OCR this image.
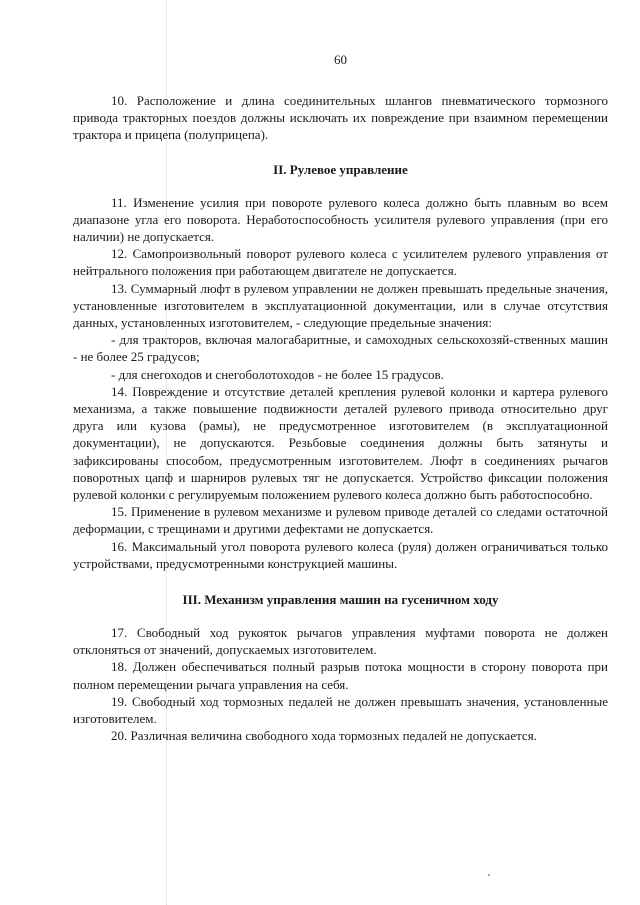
60

10. Расположение и длина соединительных шлангов пневматического тормозного привода тракторных поездов должны исключать их повреждение при взаимном перемещении трактора и прицепа (полуприцепа).

II. Рулевое управление

11. Изменение усилия при повороте рулевого колеса должно быть плавным во всем диапазоне угла его поворота. Неработоспособность усилителя рулевого управления (при его наличии) не допускается.

12. Самопроизвольный поворот рулевого колеса с усилителем рулевого управления от нейтрального положения при работающем двигателе не допускается.

13. Суммарный люфт в рулевом управлении не должен превышать предельные значения, установленные изготовителем в эксплуатационной документации, или в случае отсутствия данных, установленных изготовителем, - следующие предельные значения:

- для тракторов, включая малогабаритные, и самоходных сельскохозяй-ственных машин - не более 25 градусов;

- для снегоходов и снегоболотоходов - не более 15 градусов.

14. Повреждение и отсутствие деталей крепления рулевой колонки и картера рулевого механизма, а также повышение подвижности деталей рулевого привода относительно друг друга или кузова (рамы), не предусмотренное изготовителем (в эксплуатационной документации), не допускаются. Резьбовые соединения должны быть затянуты и зафиксированы способом, предусмотренным изготовителем. Люфт в соединениях рычагов поворотных цапф и шарниров рулевых тяг не допускается. Устройство фиксации положения рулевой колонки с регулируемым положением рулевого колеса должно быть работоспособно.

15. Применение в рулевом механизме и рулевом приводе деталей со следами остаточной деформации, с трещинами и другими дефектами не допускается.

16. Максимальный угол поворота рулевого колеса (руля) должен ограничиваться только устройствами, предусмотренными конструкцией машины.

III. Механизм управления машин на гусеничном ходу

17. Свободный ход рукояток рычагов управления муфтами поворота не должен отклоняться от значений, допускаемых изготовителем.

18. Должен обеспечиваться полный разрыв потока мощности в сторону поворота при полном перемещении рычага управления на себя.

19. Свободный ход тормозных педалей не должен превышать значения, установленные изготовителем.

20. Различная величина свободного хода тормозных педалей не допускается.
